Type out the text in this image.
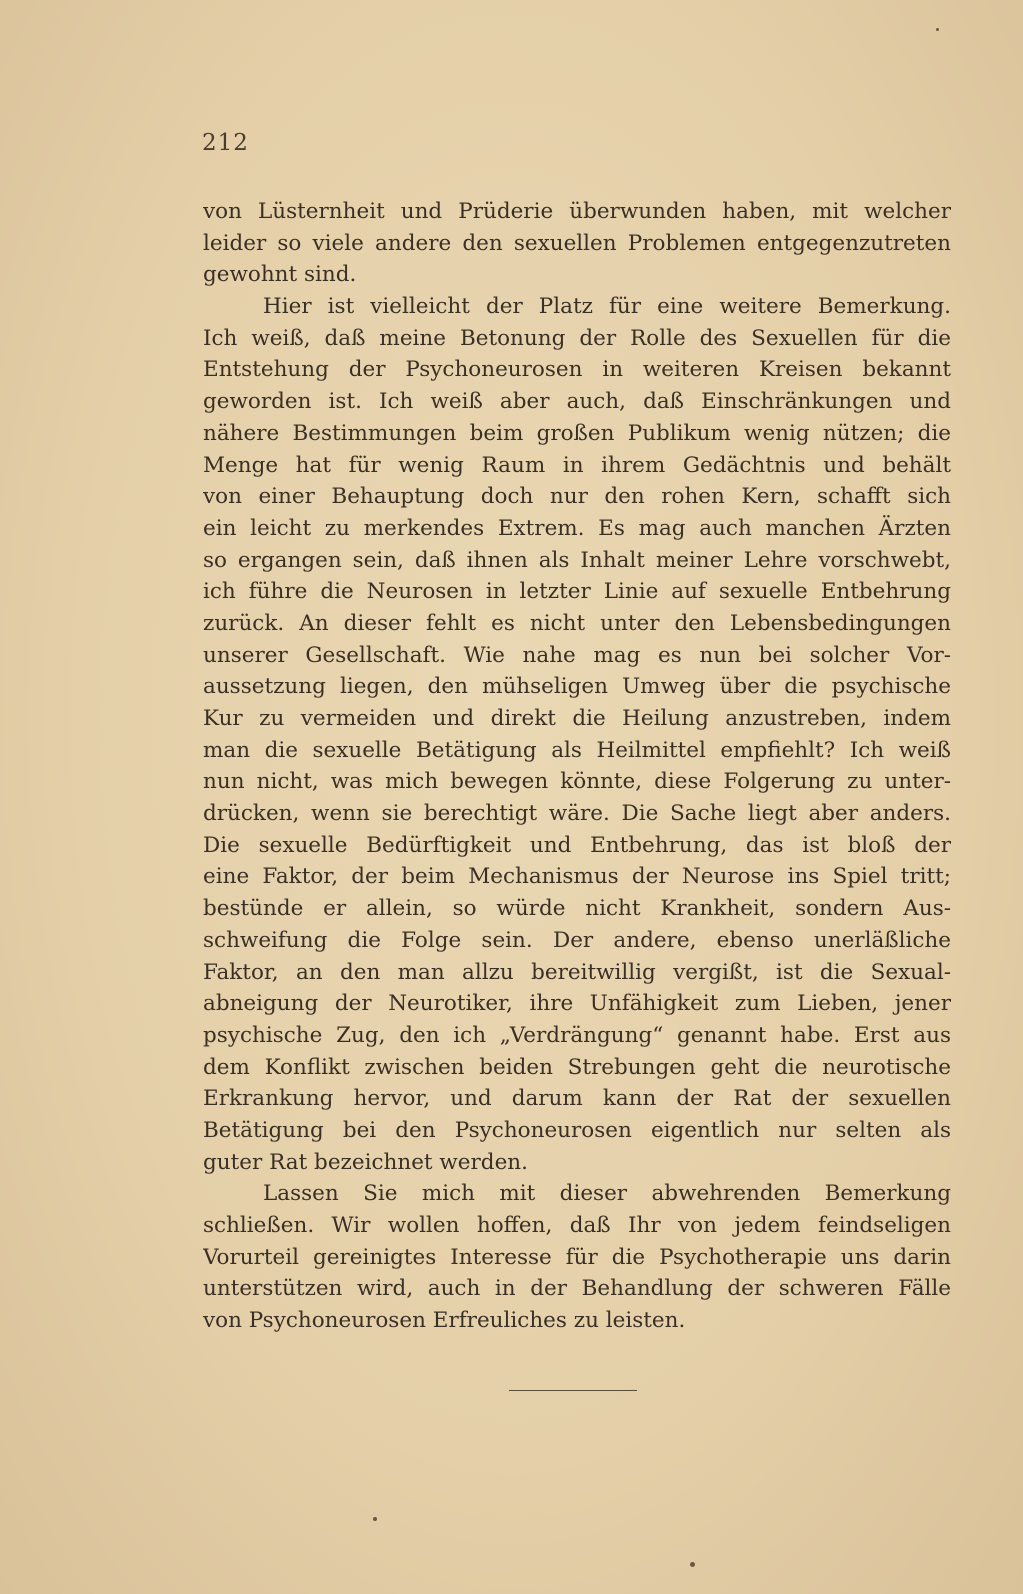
212
von Lüsternheit und Prüderie überwunden haben, mit welcher
leider so viele andere den sexuellen Problemen entgegenzutreten
gewohnt sind.
Hier ist vielleicht der Platz für eine weitere Bemerkung.
Ich weiß, daß meine Betonung der Rolle des Sexuellen für die
Entstehung der Psychoneurosen in weiteren Kreisen bekannt
geworden ist. Ich weiß aber auch, daß Einschränkungen und
nähere Bestimmungen beim großen Publikum wenig nützen; die
Menge hat für wenig Raum in ihrem Gedächtnis und behält
von einer Behauptung doch nur den rohen Kern, schafft sich
ein leicht zu merkendes Extrem. Es mag auch manchen Ärzten
so ergangen sein, daß ihnen als Inhalt meiner Lehre vorschwebt,
ich führe die Neurosen in letzter Linie auf sexuelle Entbehrung
zurück. An dieser fehlt es nicht unter den Lebensbedingungen
unserer Gesellschaft. Wie nahe mag es nun bei solcher Vor-
aussetzung liegen, den mühseligen Umweg über die psychische
Kur zu vermeiden und direkt die Heilung anzustreben, indem
man die sexuelle Betätigung als Heilmittel empfiehlt? Ich weiß
nun nicht, was mich bewegen könnte, diese Folgerung zu unter-
drücken, wenn sie berechtigt wäre. Die Sache liegt aber anders.
Die sexuelle Bedürftigkeit und Entbehrung, das ist bloß der
eine Faktor, der beim Mechanismus der Neurose ins Spiel tritt;
bestünde er allein, so würde nicht Krankheit, sondern Aus-
schweifung die Folge sein. Der andere, ebenso unerläßliche
Faktor, an den man allzu bereitwillig vergißt, ist die Sexual-
abneigung der Neurotiker, ihre Unfähigkeit zum Lieben, jener
psychische Zug, den ich „Verdrängung“ genannt habe. Erst aus
dem Konflikt zwischen beiden Strebungen geht die neurotische
Erkrankung hervor, und darum kann der Rat der sexuellen
Betätigung bei den Psychoneurosen eigentlich nur selten als
guter Rat bezeichnet werden.
Lassen Sie mich mit dieser abwehrenden Bemerkung
schließen. Wir wollen hoffen, daß Ihr von jedem feindseligen
Vorurteil gereinigtes Interesse für die Psychotherapie uns darin
unterstützen wird, auch in der Behandlung der schweren Fälle
von Psychoneurosen Erfreuliches zu leisten.
